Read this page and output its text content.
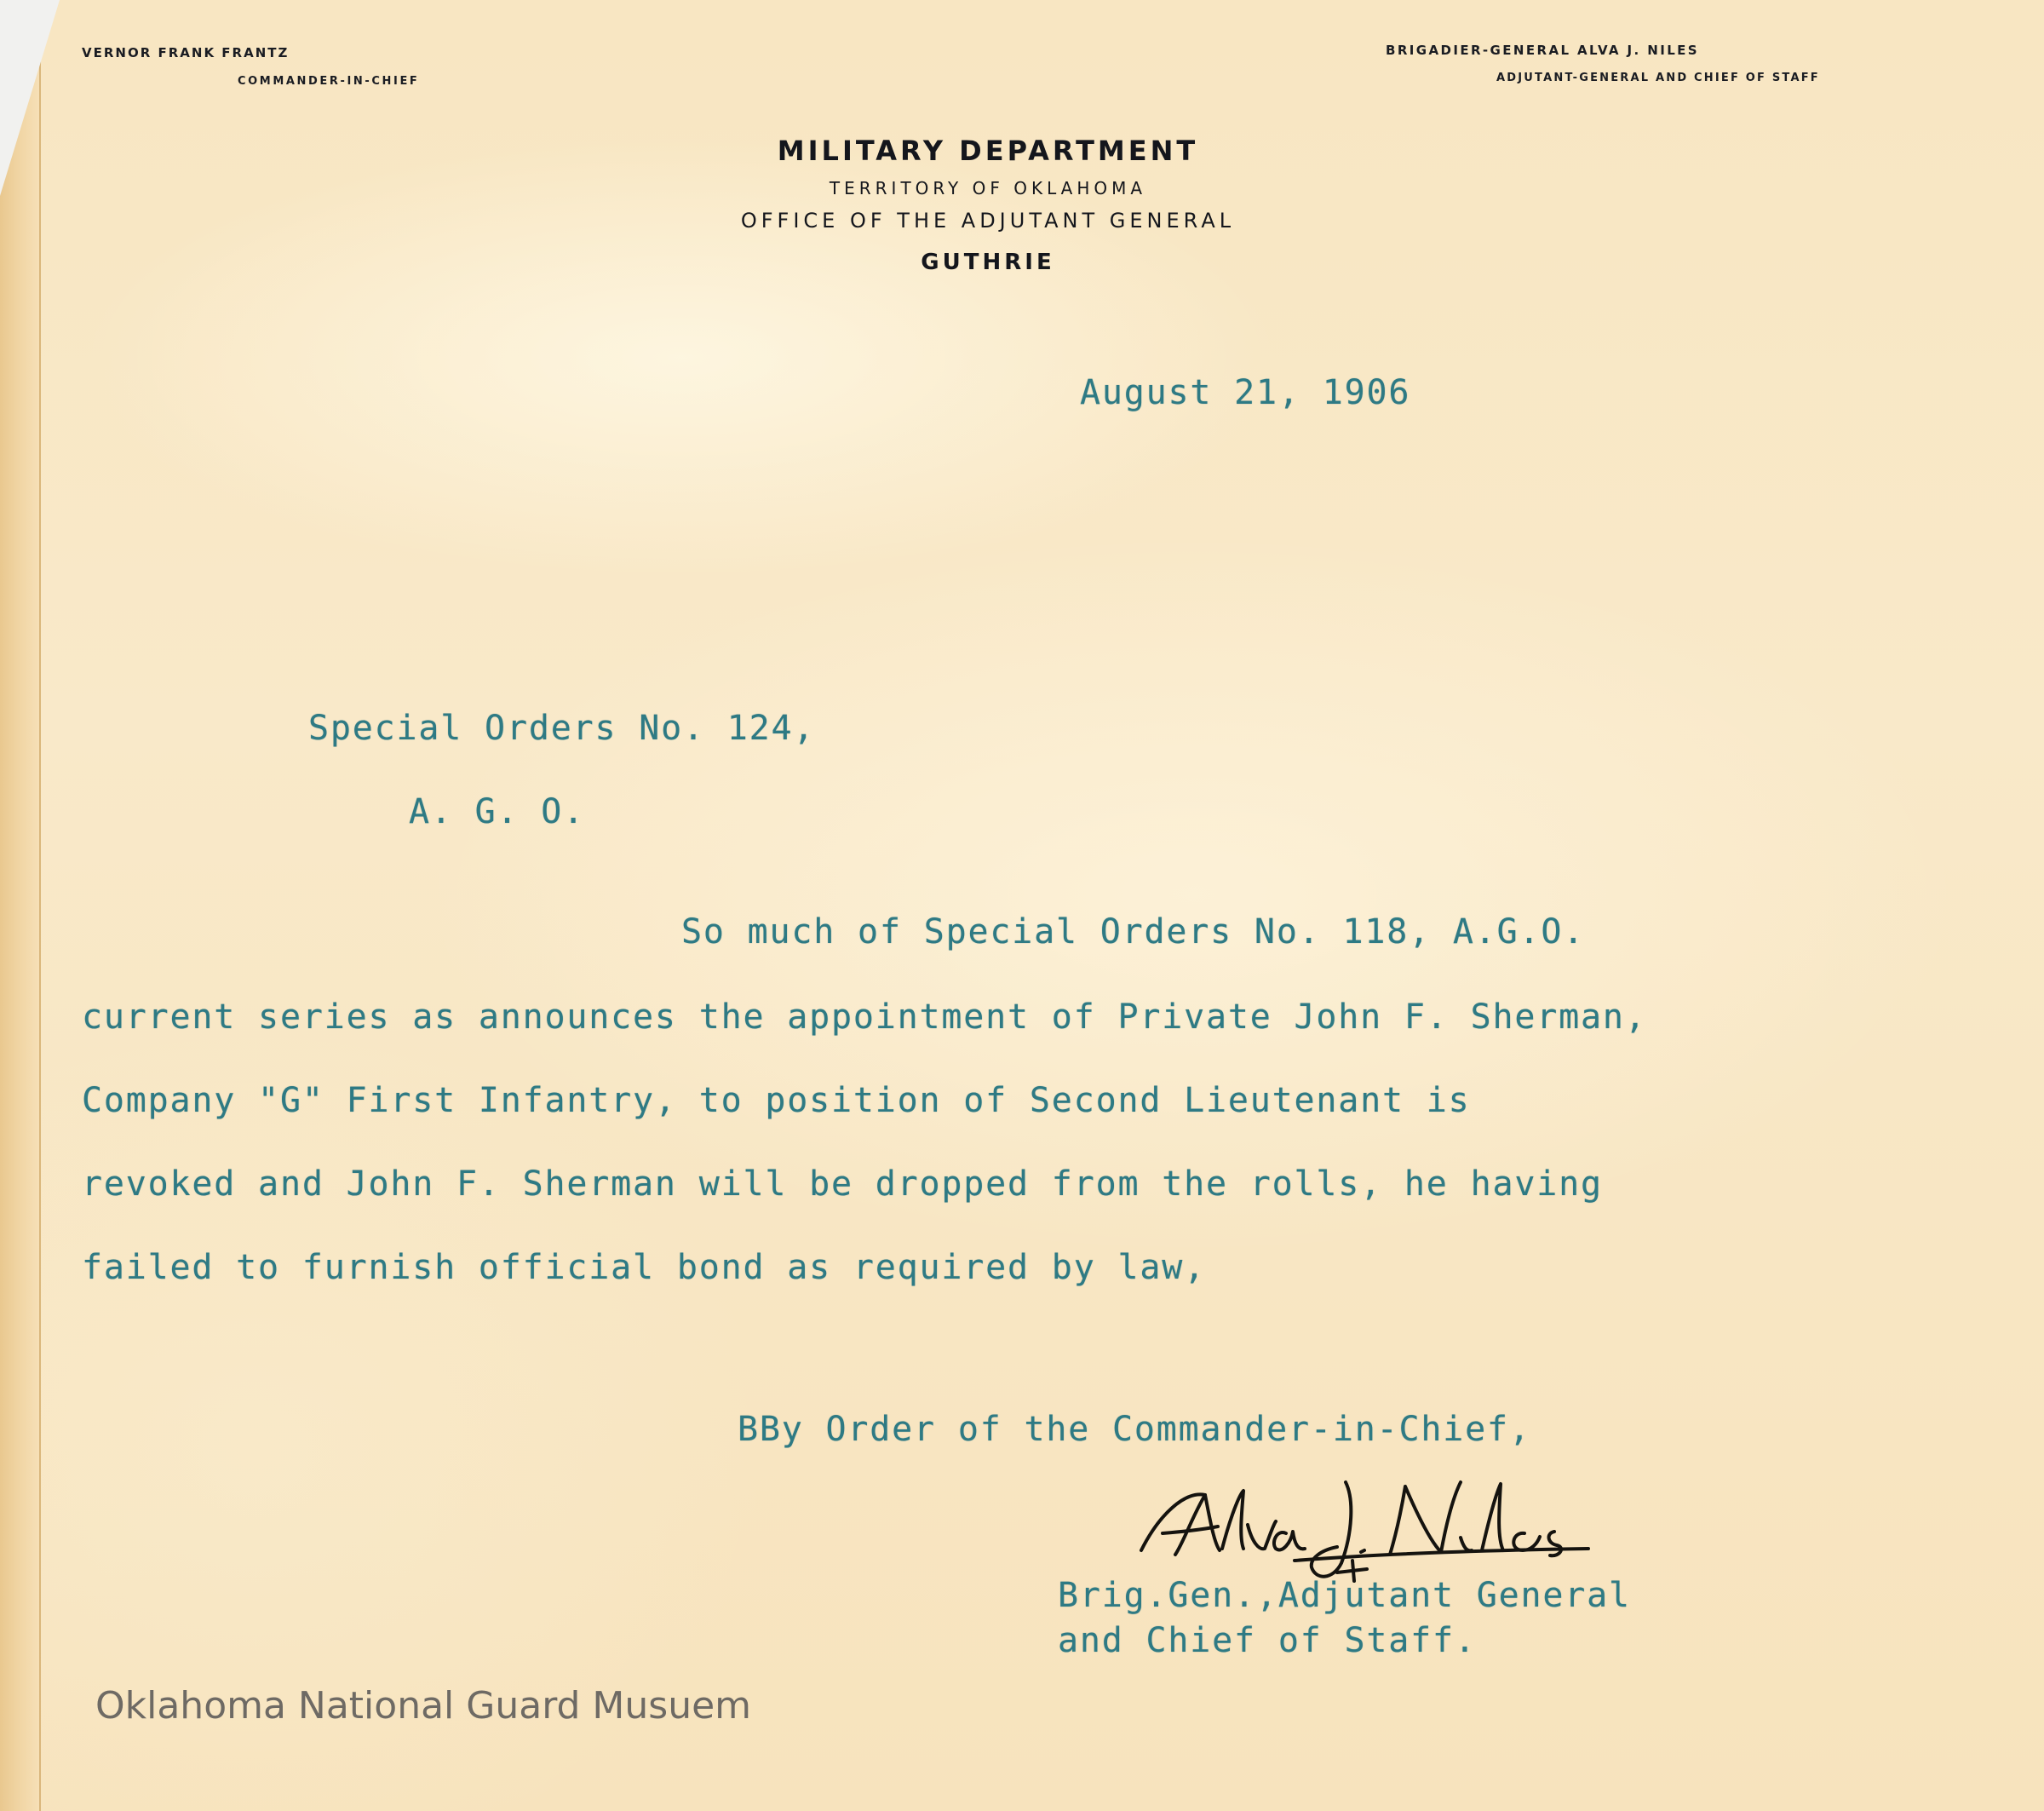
VERNOR FRANK FRANTZ
COMMANDER-IN-CHIEF
BRIGADIER-GENERAL ALVA J. NILES
ADJUTANT-GENERAL AND CHIEF OF STAFF
MILITARY DEPARTMENT
TERRITORY OF OKLAHOMA
OFFICE OF THE ADJUTANT GENERAL
GUTHRIE
August 21, 1906
Special Orders No. 124,
A. G. O.
So much of Special Orders No. 118, A.G.O.
current series as announces the appointment of Private John F. Sherman,
Company "G" First Infantry, to position of Second Lieutenant is
revoked and John F. Sherman will be dropped from the rolls, he having
failed to furnish official bond as required by law,
BBy Order of the Commander-in-Chief,
Brig.Gen.,Adjutant General
and Chief of Staff.
Oklahoma National Guard Musuem
